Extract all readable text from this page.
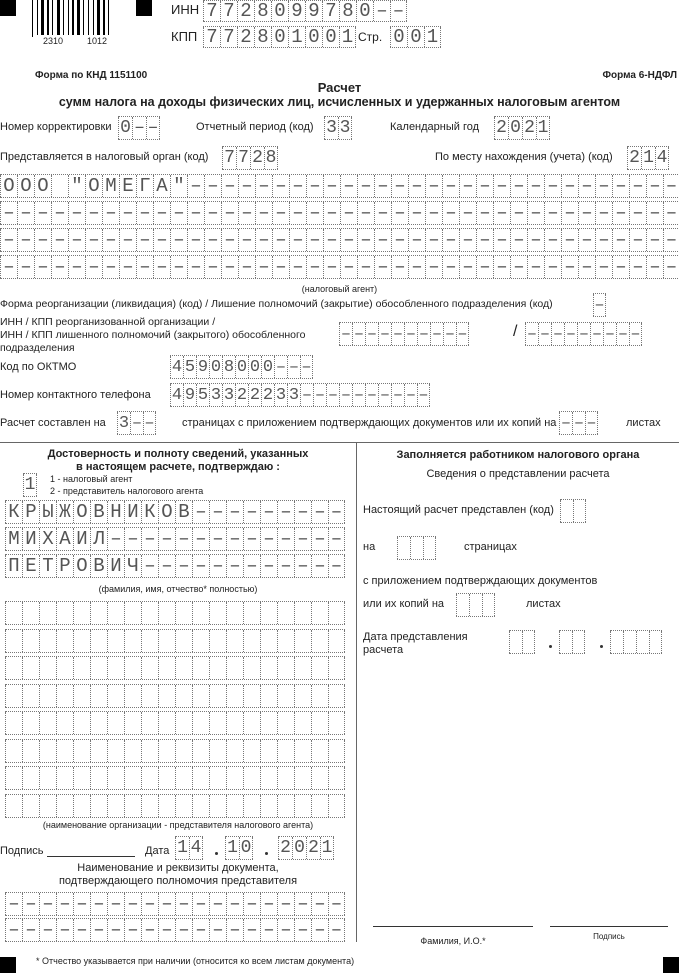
2310	1012
ИНН 7 7 2 8 0 9 9 7 8 0 – –
КПП 7 7 2 8 0 1 0 0 1 Стр. 0 0 1
Форма по КНД 1151100	Форма 6-НДФЛ
Расчет
сумм налога на доходы физических лиц, исчисленных и удержанных налоговым агентом
Номер корректировки 0 – –	Отчетный период (код) 3 3	Календарный год 2 0 2 1
Представляется в налоговый орган (код) 7 7 2 8	По месту нахождения (учета) (код) 2 1 4
О О О " О М Е Г А " – – – – – – – – – – – – – – – – – – – – – – – – – – – – –
– – – – – – – – – – – – – – – – – – – – – – – – – – – – – – – – – – – – – – – –
– – – – – – – – – – – – – – – – – – – – – – – – – – – – – – – – – – – – – – – –
– – – – – – – – – – – – – – – – – – – – – – – – – – – – – – – – – – – – – – – –
(налоговый агент)
Форма реорганизации (ликвидация) (код) / Лишение полномочий (закрытие) обособленного подразделения (код) –
ИНН / КПП реорганизованной организации /
ИНН / КПП лишенного полномочий (закрытого) обособленного
подразделения
– – – – – – – – – –	/ – – – – – – – – –
Код по ОКТМО	4 5 9 0 8 0 0 0 – – –
Номер контактного телефона 4 9 5 3 3 2 2 2 3 3 – – – – – – – – – –
Расчет составлен на 3 – – страницах с приложением подтверждающих документов или их копий на – – –	листах
Достоверность и полноту сведений, указанных
в настоящем расчете, подтверждаю :
1 1 - налоговый агент
2 - представитель налогового агента
К Р Ы Ж О В Н И К О В – – – – – – – – –
М И Х А И Л – – – – – – – – – – – – – –
П Е Т Р О В И Ч – – – – – – – – – – – –
(фамилия, имя, отчество* полностью)
(наименование организации - представителя налогового агента)
Подпись	Дата 1 4 1 0 2 0 2 1
Наименование и реквизиты документа,
подтверждающего полномочия представителя
– – – – – – – – – – – – – – – – – – – –
– – – – – – – – – – – – – – – – – – – –
Заполняется работником налогового органа
Сведения о представлении расчета
Настоящий расчет представлен (код)
на	страницах
с приложением подтверждающих документов
или их копий на	листах
Дата представления
расчета
Фамилия, И.О.*	Подпись
* Отчество указывается при наличии (относится ко всем листам документа)
